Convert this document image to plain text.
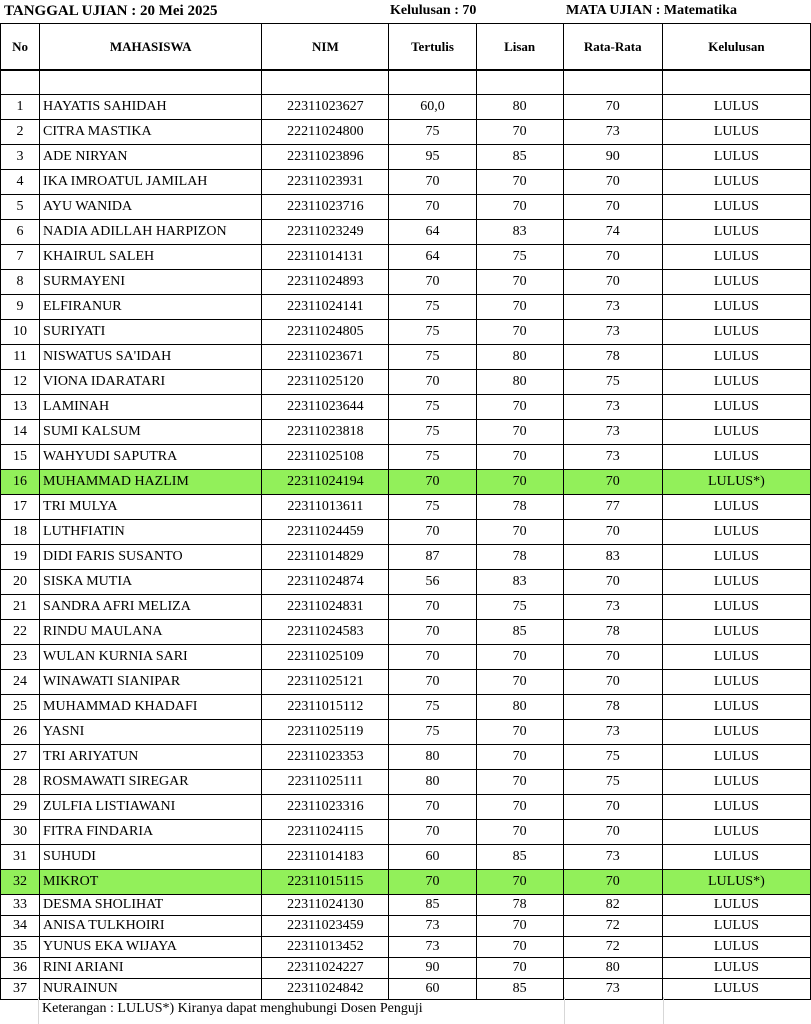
TANGGAL UJIAN : 20 Mei 2025	Kelulusan : 70	MATA UJIAN : Matematika
No	MAHASISWA	NIM	Tertulis	Lisan	Rata-Rata	Kelulusan

1	HAYATIS SAHIDAH	22311023627	60,0	80	70	LULUS
2	CITRA MASTIKA	22211024800	75	70	73	LULUS
3	ADE NIRYAN	22311023896	95	85	90	LULUS
4	IKA IMROATUL JAMILAH	22311023931	70	70	70	LULUS
5	AYU WANIDA	22311023716	70	70	70	LULUS
6	NADIA ADILLAH HARPIZON	22311023249	64	83	74	LULUS
7	KHAIRUL SALEH	22311014131	64	75	70	LULUS
8	SURMAYENI	22311024893	70	70	70	LULUS
9	ELFIRANUR	22311024141	75	70	73	LULUS
10	SURIYATI	22311024805	75	70	73	LULUS
11	NISWATUS SA'IDAH	22311023671	75	80	78	LULUS
12	VIONA IDARATARI	22311025120	70	80	75	LULUS
13	LAMINAH	22311023644	75	70	73	LULUS
14	SUMI KALSUM	22311023818	75	70	73	LULUS
15	WAHYUDI SAPUTRA	22311025108	75	70	73	LULUS
16	MUHAMMAD HAZLIM	22311024194	70	70	70	LULUS*)
17	TRI MULYA	22311013611	75	78	77	LULUS
18	LUTHFIATIN	22311024459	70	70	70	LULUS
19	DIDI FARIS SUSANTO	22311014829	87	78	83	LULUS
20	SISKA MUTIA	22311024874	56	83	70	LULUS
21	SANDRA AFRI MELIZA	22311024831	70	75	73	LULUS
22	RINDU MAULANA	22311024583	70	85	78	LULUS
23	WULAN KURNIA SARI	22311025109	70	70	70	LULUS
24	WINAWATI SIANIPAR	22311025121	70	70	70	LULUS
25	MUHAMMAD KHADAFI	22311015112	75	80	78	LULUS
26	YASNI	22311025119	75	70	73	LULUS
27	TRI ARIYATUN	22311023353	80	70	75	LULUS
28	ROSMAWATI SIREGAR	22311025111	80	70	75	LULUS
29	ZULFIA LISTIAWANI	22311023316	70	70	70	LULUS
30	FITRA FINDARIA	22311024115	70	70	70	LULUS
31	SUHUDI	22311014183	60	85	73	LULUS
32	MIKROT	22311015115	70	70	70	LULUS*)
33	DESMA SHOLIHAT	22311024130	85	78	82	LULUS
34	ANISA TULKHOIRI	22311023459	73	70	72	LULUS
35	YUNUS EKA WIJAYA	22311013452	73	70	72	LULUS
36	RINI ARIANI	22311024227	90	70	80	LULUS
37	NURAINUN	22311024842	60	85	73	LULUS
Keterangan : LULUS*) Kiranya dapat menghubungi Dosen Penguji
